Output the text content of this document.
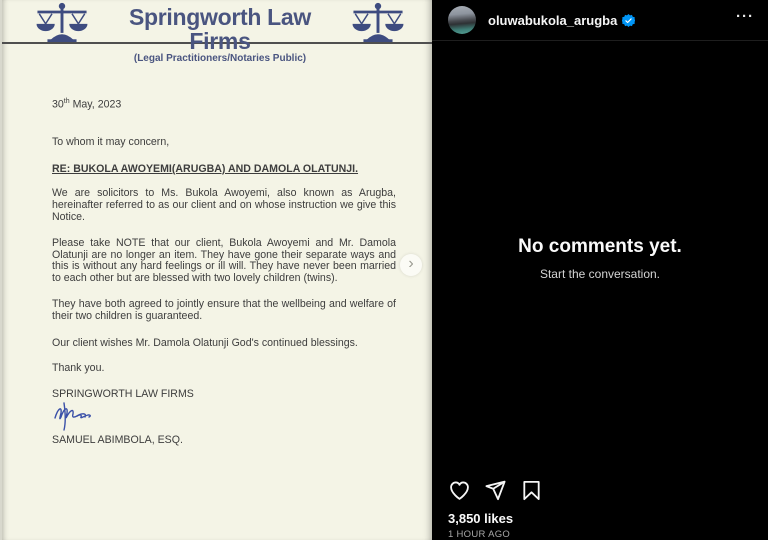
Springworth Law Firms
(Legal Practitioners/Notaries Public)
30th May, 2023
To whom it may concern,
RE: BUKOLA AWOYEMI(ARUGBA) AND DAMOLA OLATUNJI.
We are solicitors to Ms. Bukola Awoyemi, also known as Arugba, hereinafter referred to as our client and on whose instruction we give this Notice.
Please take NOTE that our client, Bukola Awoyemi and Mr. Damola Olatunji are no longer an item. They have gone their separate ways and this is without any hard feelings or ill will. They have never been married to each other but are blessed with two lovely children (twins).
They have both agreed to jointly ensure that the wellbeing and welfare of their two children is guaranteed.
Our client wishes Mr. Damola Olatunji God's continued blessings.
Thank you.
SPRINGWORTH LAW FIRMS
SAMUEL ABIMBOLA, ESQ.
›
oluwabukola_arugba	···
No comments yet.
Start the conversation.
3,850 likes
1 HOUR AGO
